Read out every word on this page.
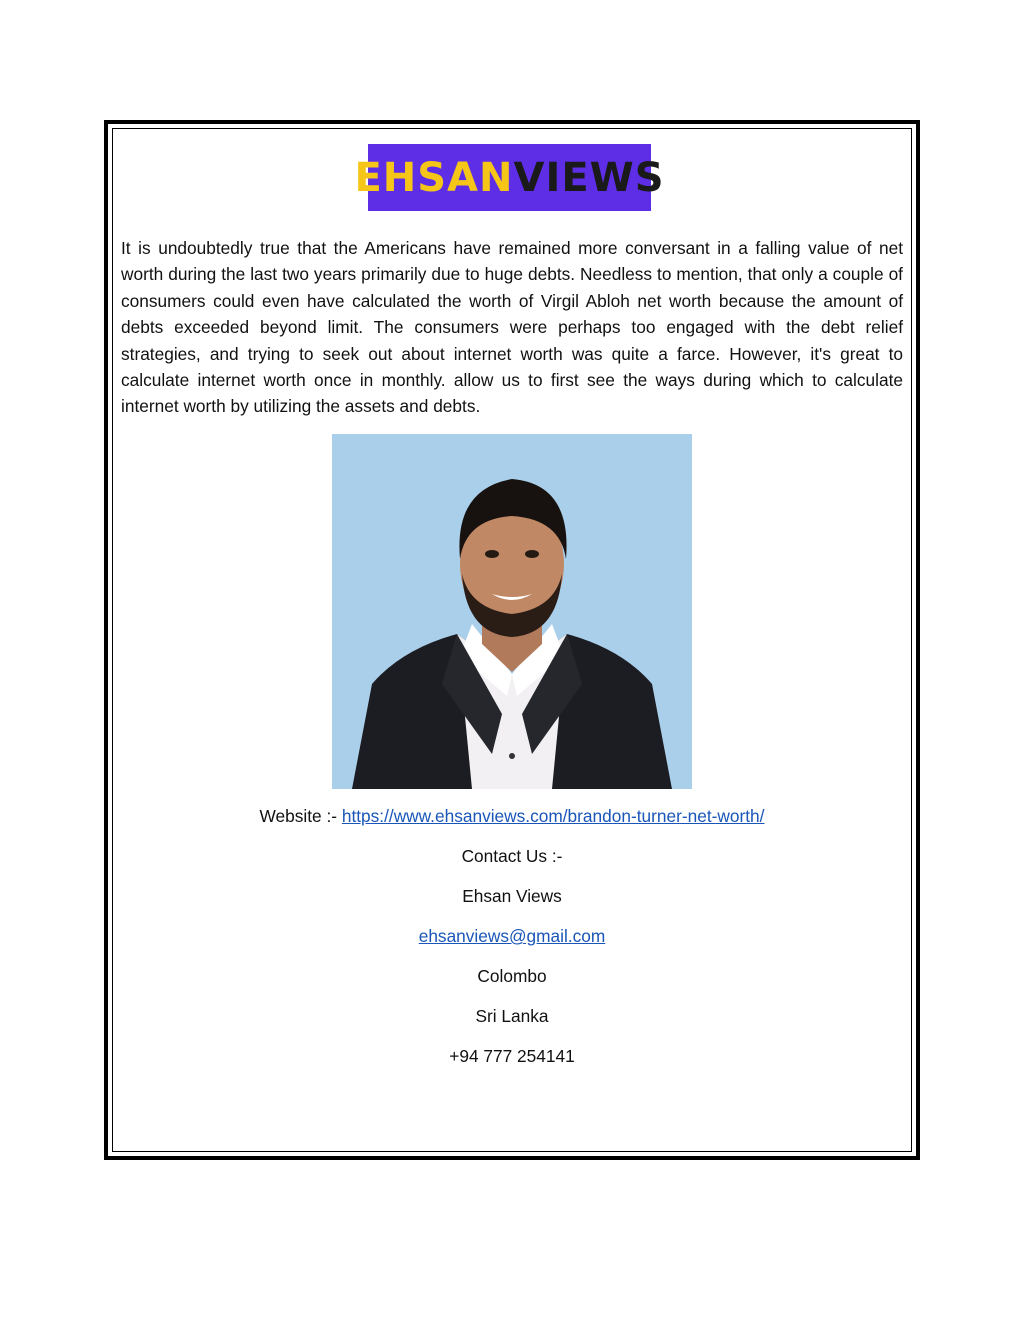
EHSAN VIEWS

It is undoubtedly true that the Americans have remained more conversant in a falling value of net worth during the last two years primarily due to huge debts. Needless to mention, that only a couple of consumers could even have calculated the worth of Virgil Abloh net worth because the amount of debts exceeded beyond limit. The consumers were perhaps too engaged with the debt relief strategies, and trying to seek out about internet worth was quite a farce. However, it's great to calculate internet worth once in monthly. allow us to first see the ways during which to calculate internet worth by utilizing the assets and debts.

Website :- https://www.ehsanviews.com/brandon-turner-net-worth/
Contact Us :-
Ehsan Views
ehsanviews@gmail.com
Colombo
Sri Lanka
+94 777 254141
